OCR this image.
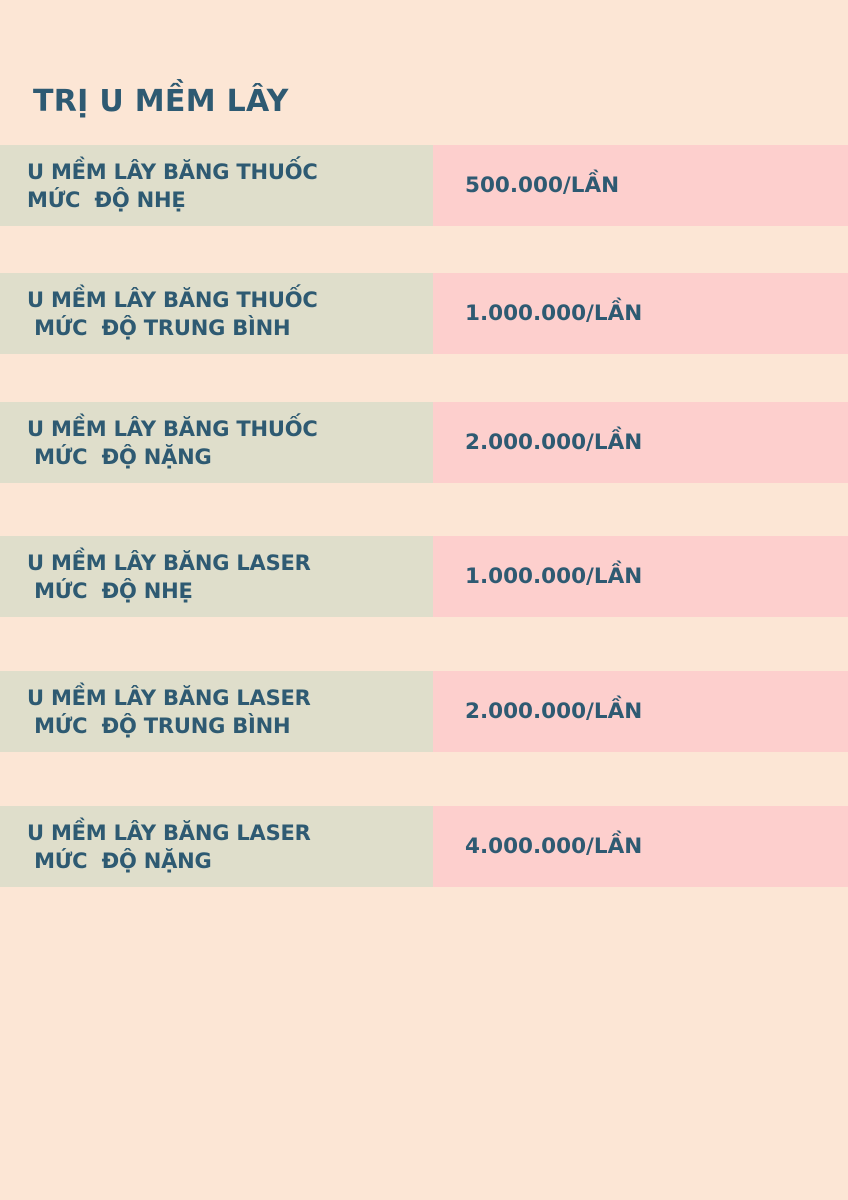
TRỊ U MỀM LÂY
U MỀM LÂY BĂNG THUỐC
MỨC  ĐỘ NHẸ
500.000/LẦN
U MỀM LÂY BĂNG THUỐC
MỨC  ĐỘ TRUNG BÌNH
1.000.000/LẦN
U MỀM LÂY BĂNG THUỐC
MỨC  ĐỘ NẶNG
2.000.000/LẦN
U MỀM LÂY BĂNG LASER
MỨC  ĐỘ NHẸ
1.000.000/LẦN
U MỀM LÂY BĂNG LASER
MỨC  ĐỘ TRUNG BÌNH
2.000.000/LẦN
U MỀM LÂY BĂNG LASER
MỨC  ĐỘ NẶNG
4.000.000/LẦN
